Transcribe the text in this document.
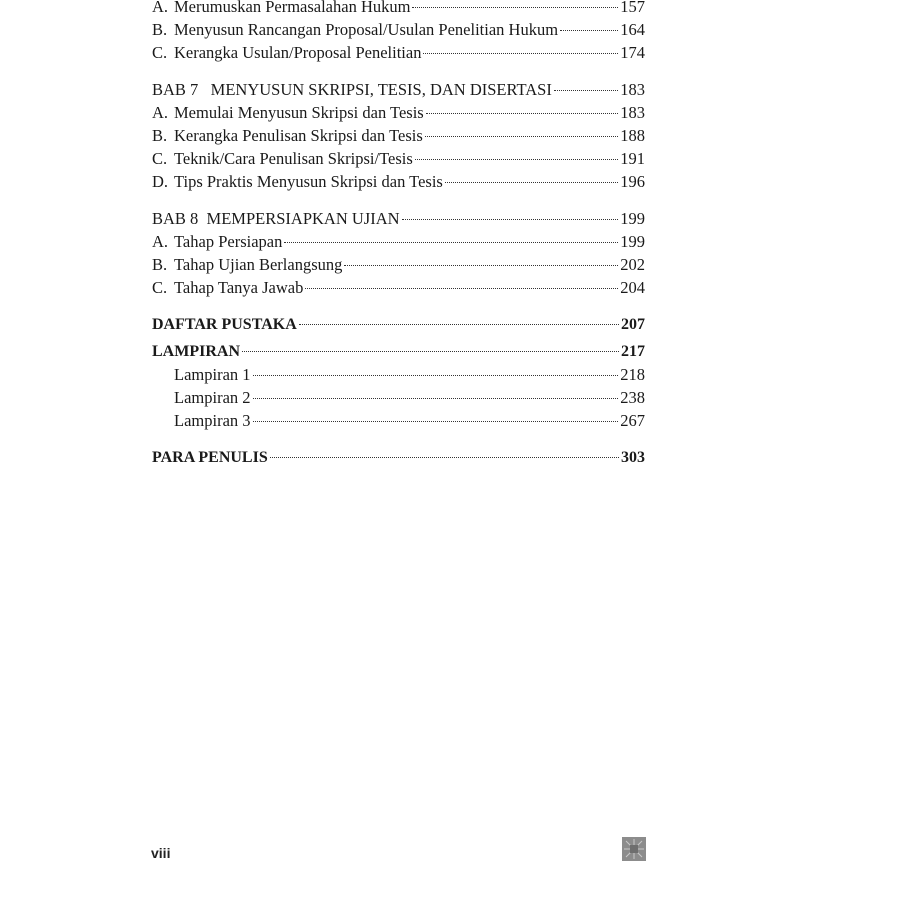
A. Merumuskan Permasalahan Hukum	157
B. Menyusun Rancangan Proposal/Usulan Penelitian Hukum	164
C. Kerangka Usulan/Proposal Penelitian	174
BAB 7   MENYUSUN SKRIPSI, TESIS, DAN DISERTASI	183
A. Memulai Menyusun Skripsi dan Tesis	183
B. Kerangka Penulisan Skripsi dan Tesis	188
C. Teknik/Cara Penulisan Skripsi/Tesis	191
D. Tips Praktis Menyusun Skripsi dan Tesis	196
BAB 8  MEMPERSIAPKAN UJIAN	199
A. Tahap Persiapan	199
B. Tahap Ujian Berlangsung	202
C. Tahap Tanya Jawab	204
DAFTAR PUSTAKA	207
LAMPIRAN	217
Lampiran 1	218
Lampiran 2	238
Lampiran 3	267
PARA PENULIS	303
viii
